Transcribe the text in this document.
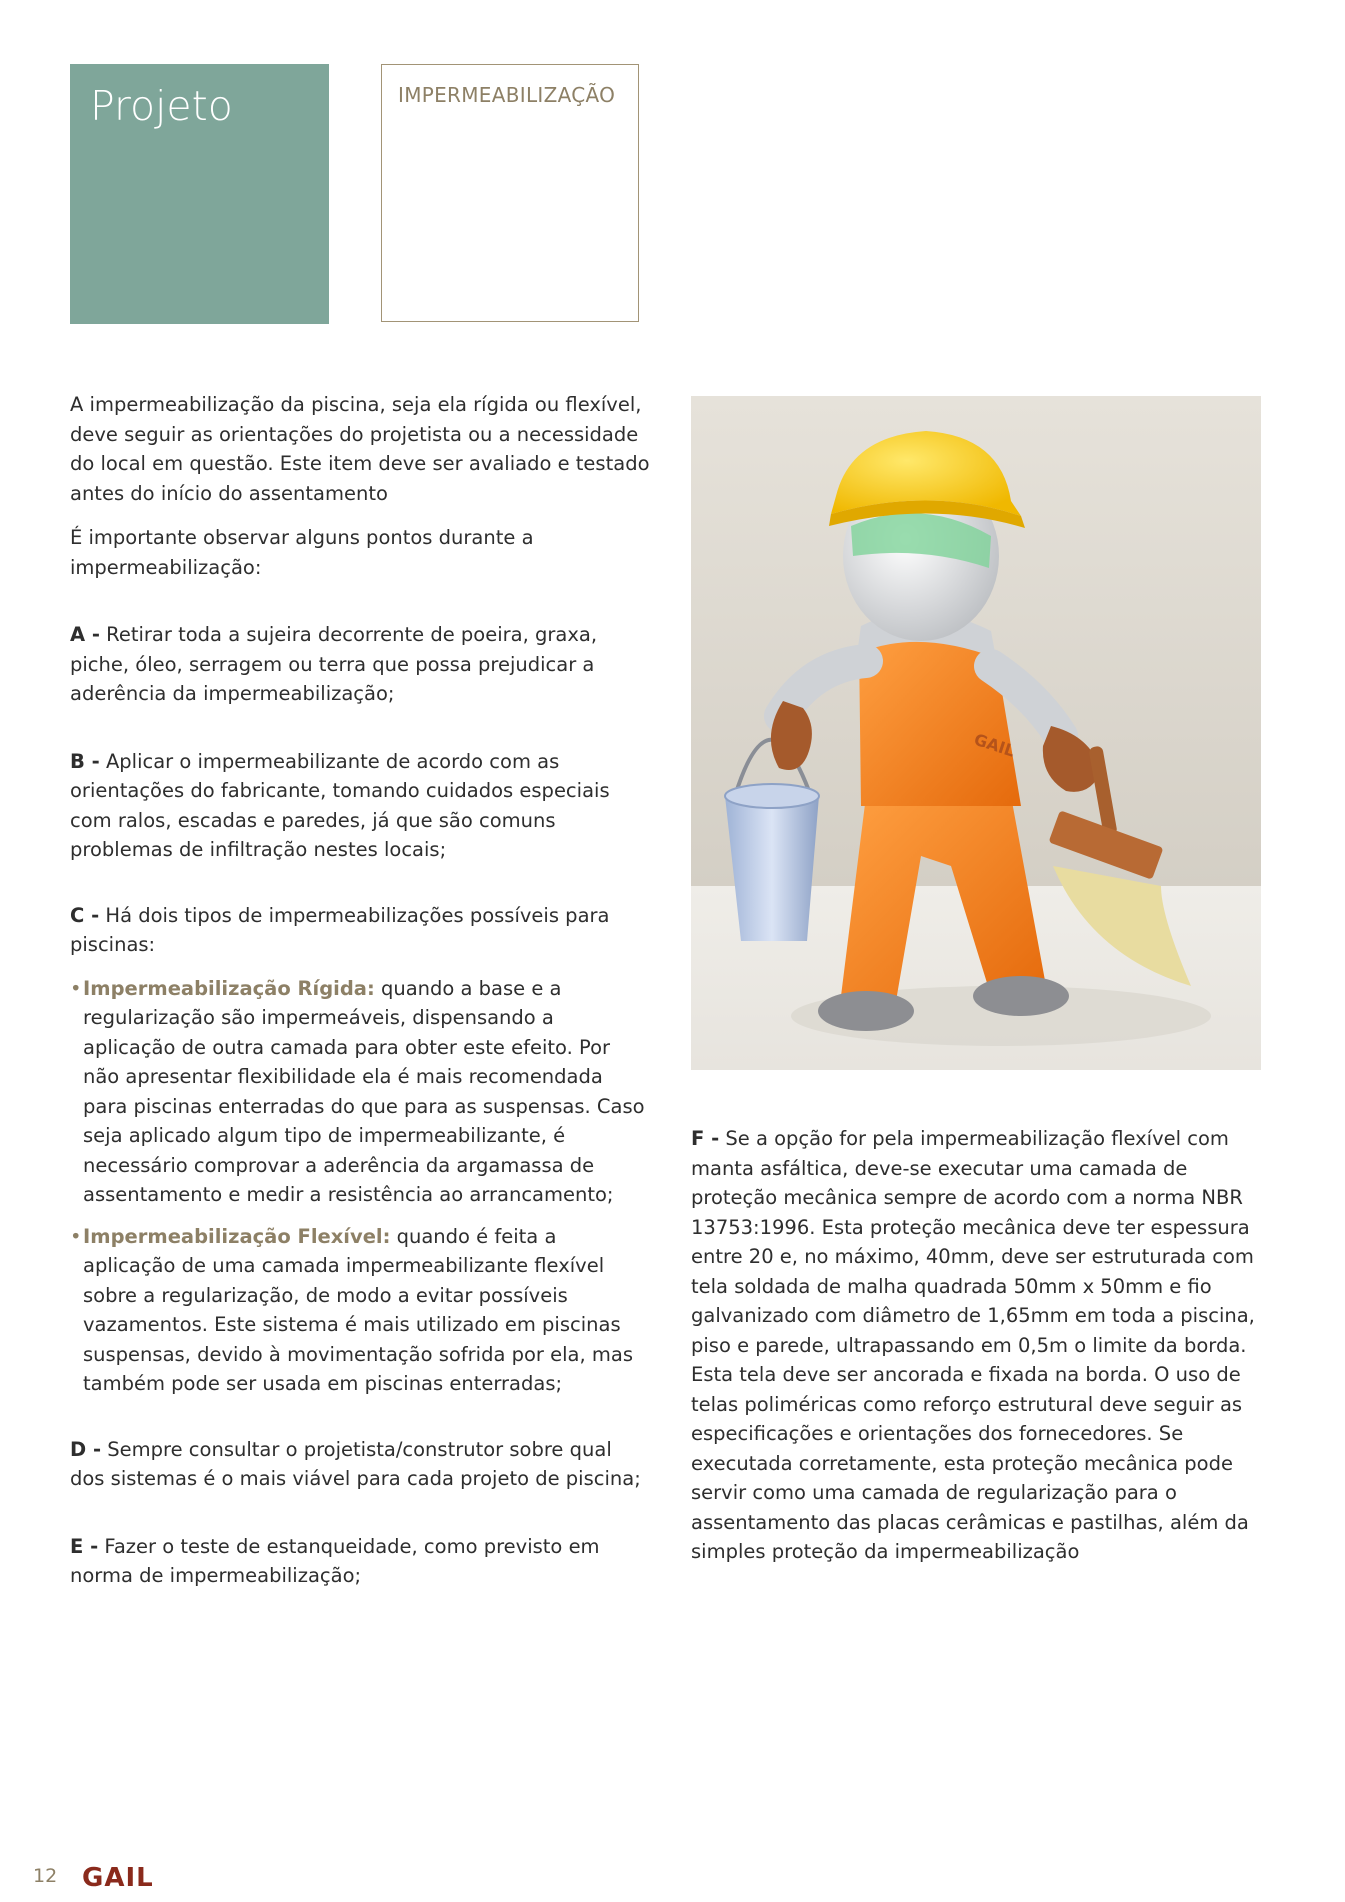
Projeto	IMPERMEABILIZAÇÃO

A impermeabilização da piscina, seja ela rígida ou flexível, deve seguir as orientações do projetista ou a necessidade do local em questão. Este item deve ser avaliado e testado antes do início do assentamento

É importante observar alguns pontos durante a impermeabilização:

A - Retirar toda a sujeira decorrente de poeira, graxa, piche, óleo, serragem ou terra que possa prejudicar a aderência da impermeabilização;

B - Aplicar o impermeabilizante de acordo com as orientações do fabricante, tomando cuidados especiais com ralos, escadas e paredes, já que são comuns problemas de infiltração nestes locais;

C - Há dois tipos de impermeabilizações possíveis para piscinas:

• Impermeabilização Rígida: quando a base e a regularização são impermeáveis, dispensando a aplicação de outra camada para obter este efeito. Por não apresentar flexibilidade ela é mais recomendada para piscinas enterradas do que para as suspensas. Caso seja aplicado algum tipo de impermeabilizante, é necessário comprovar a aderência da argamassa de assentamento e medir a resistência ao arrancamento;
• Impermeabilização Flexível: quando é feita a aplicação de uma camada impermeabilizante flexível sobre a regularização, de modo a evitar possíveis vazamentos. Este sistema é mais utilizado em piscinas suspensas, devido à movimentação sofrida por ela, mas também pode ser usada em piscinas enterradas;

D - Sempre consultar o projetista/construtor sobre qual dos sistemas é o mais viável para cada projeto de piscina;

E - Fazer o teste de estanqueidade, como previsto em norma de impermeabilização;

GAIL

F - Se a opção for pela impermeabilização flexível com manta asfáltica, deve-se executar uma camada de proteção mecânica sempre de acordo com a norma NBR 13753:1996. Esta proteção mecânica deve ter espessura entre 20 e, no máximo, 40mm, deve ser estruturada com tela soldada de malha quadrada 50mm x 50mm e fio galvanizado com diâmetro de 1,65mm em toda a piscina, piso e parede, ultrapassando em 0,5m o limite da borda. Esta tela deve ser ancorada e fixada na borda. O uso de telas poliméricas como reforço estrutural deve seguir as especificações e orientações dos fornecedores. Se executada corretamente, esta proteção mecânica pode servir como uma camada de regularização para o assentamento das placas cerâmicas e pastilhas, além da simples proteção da impermeabilização

12 GAIL
